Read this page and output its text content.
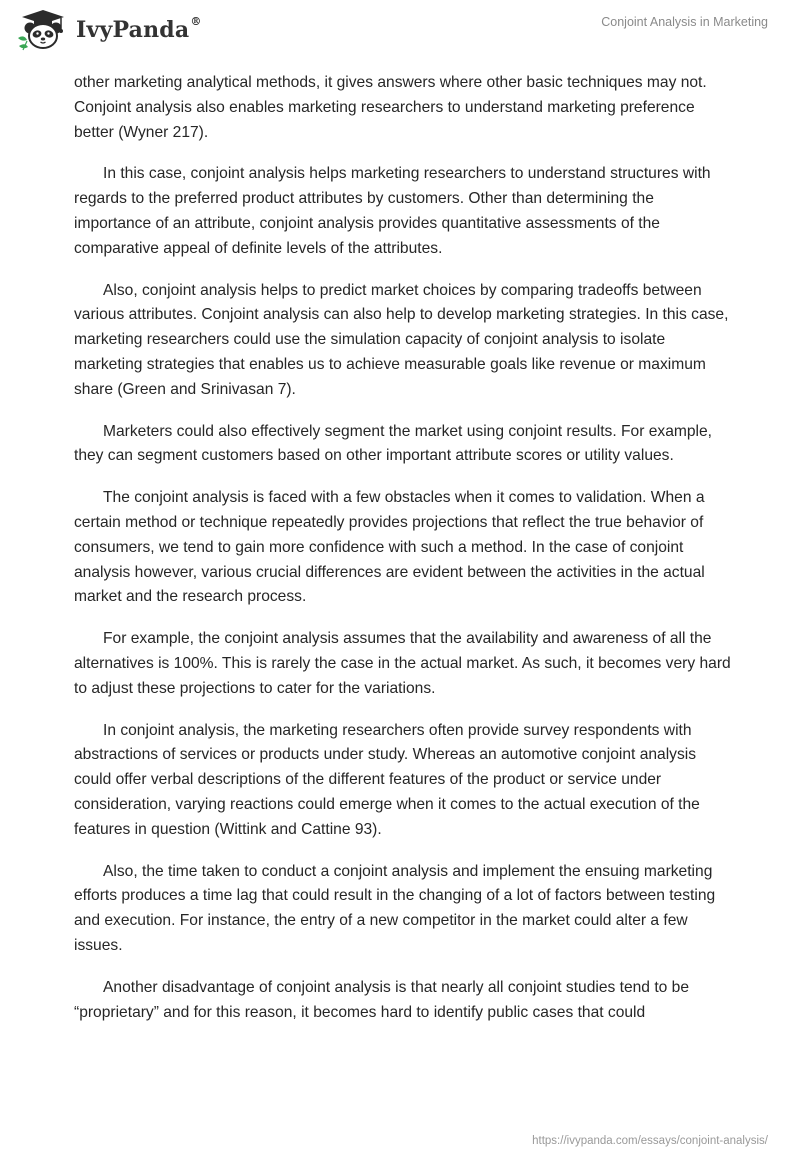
IvyPanda®	Conjoint Analysis in Marketing

other marketing analytical methods, it gives answers where other basic techniques may not. Conjoint analysis also enables marketing researchers to understand marketing preference better (Wyner 217).

In this case, conjoint analysis helps marketing researchers to understand structures with regards to the preferred product attributes by customers. Other than determining the importance of an attribute, conjoint analysis provides quantitative assessments of the comparative appeal of definite levels of the attributes.

Also, conjoint analysis helps to predict market choices by comparing tradeoffs between various attributes. Conjoint analysis can also help to develop marketing strategies. In this case, marketing researchers could use the simulation capacity of conjoint analysis to isolate marketing strategies that enables us to achieve measurable goals like revenue or maximum share (Green and Srinivasan 7).

Marketers could also effectively segment the market using conjoint results. For example, they can segment customers based on other important attribute scores or utility values.

The conjoint analysis is faced with a few obstacles when it comes to validation. When a certain method or technique repeatedly provides projections that reflect the true behavior of consumers, we tend to gain more confidence with such a method. In the case of conjoint analysis however, various crucial differences are evident between the activities in the actual market and the research process.

For example, the conjoint analysis assumes that the availability and awareness of all the alternatives is 100%. This is rarely the case in the actual market. As such, it becomes very hard to adjust these projections to cater for the variations.

In conjoint analysis, the marketing researchers often provide survey respondents with abstractions of services or products under study. Whereas an automotive conjoint analysis could offer verbal descriptions of the different features of the product or service under consideration, varying reactions could emerge when it comes to the actual execution of the features in question (Wittink and Cattine 93).

Also, the time taken to conduct a conjoint analysis and implement the ensuing marketing efforts produces a time lag that could result in the changing of a lot of factors between testing and execution. For instance, the entry of a new competitor in the market could alter a few issues.

Another disadvantage of conjoint analysis is that nearly all conjoint studies tend to be “proprietary” and for this reason, it becomes hard to identify public cases that could

https://ivypanda.com/essays/conjoint-analysis/
